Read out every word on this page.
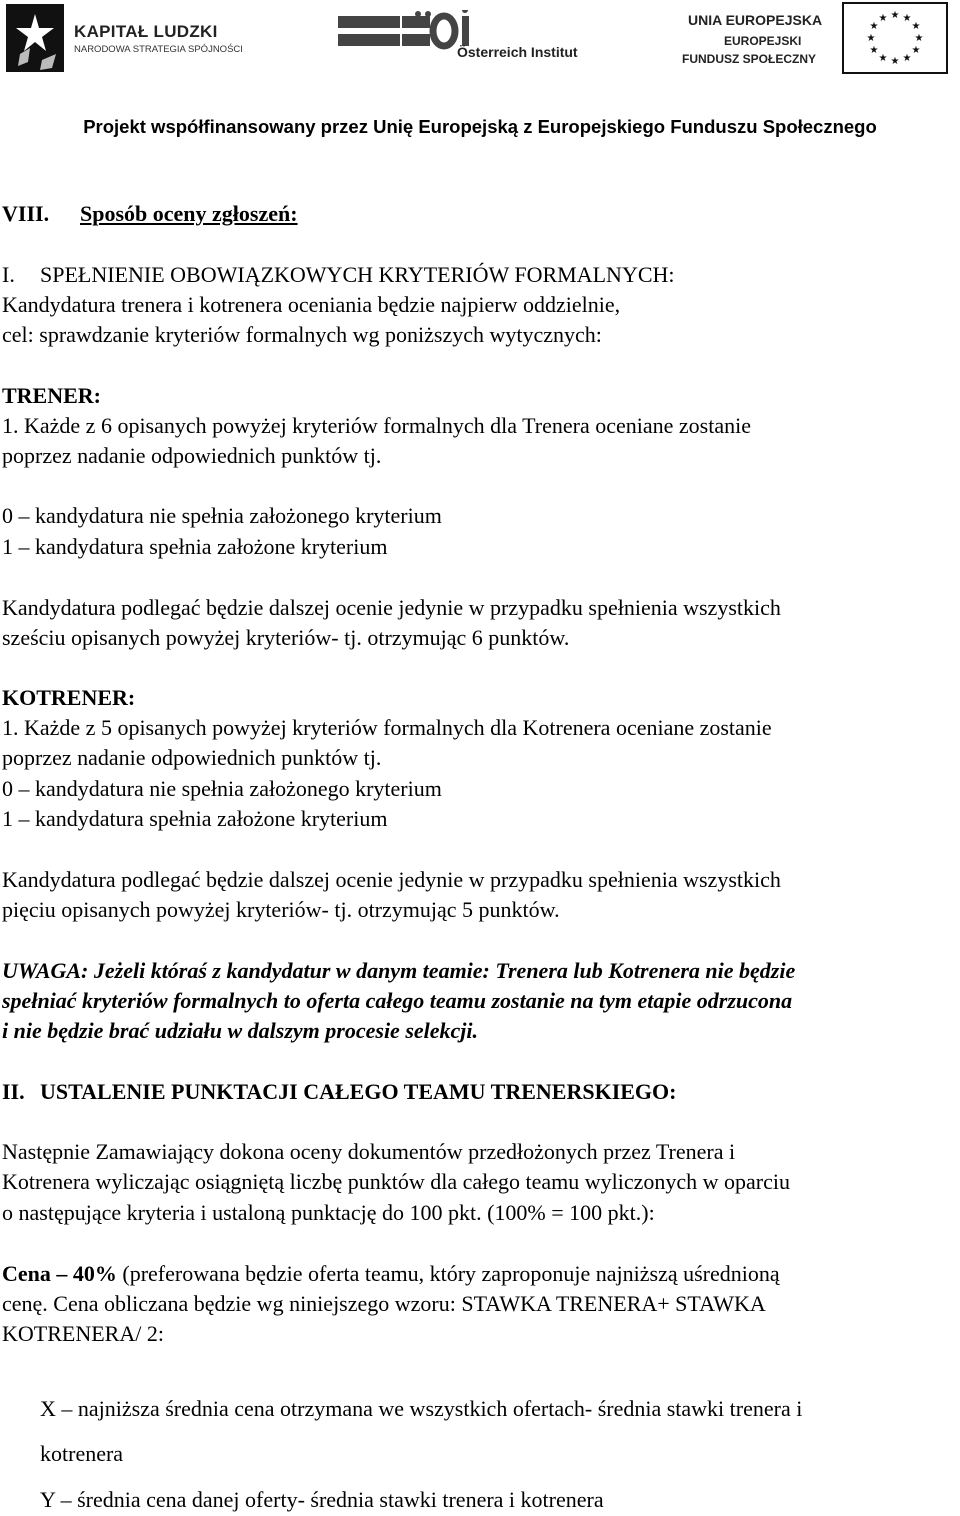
KAPITAŁ LUDZKI
NARODOWA STRATEGIA SPÓJNOŚCI	Österreich Institut
UNIA EUROPEJSKA
EUROPEJSKI
FUNDUSZ SPOŁECZNY
★ ★
★
★
★
★
★
★
★
★
★
★
Projekt współfinansowany przez Unię Europejską z Europejskiego Funduszu Społecznego
VIII. Sposób oceny zgłoszeń:
I. SPEŁNIENIE OBOWIĄZKOWYCH KRYTERIÓW FORMALNYCH:
Kandydatura trenera i kotrenera oceniania będzie najpierw oddzielnie,
cel: sprawdzanie kryteriów formalnych wg poniższych wytycznych:
TRENER:
1. Każde z 6 opisanych powyżej kryteriów formalnych dla Trenera oceniane zostanie
poprzez nadanie odpowiednich punktów tj.
0 – kandydatura nie spełnia założonego kryterium
1 – kandydatura spełnia założone kryterium
Kandydatura podlegać będzie dalszej ocenie jedynie w przypadku spełnienia wszystkich
sześciu opisanych powyżej kryteriów- tj. otrzymując 6 punktów.
KOTRENER:
1. Każde z 5 opisanych powyżej kryteriów formalnych dla Kotrenera oceniane zostanie
poprzez nadanie odpowiednich punktów tj.
0 – kandydatura nie spełnia założonego kryterium
1 – kandydatura spełnia założone kryterium
Kandydatura podlegać będzie dalszej ocenie jedynie w przypadku spełnienia wszystkich
pięciu opisanych powyżej kryteriów- tj. otrzymując 5 punktów.
UWAGA: Jeżeli któraś z kandydatur w danym teamie: Trenera lub Kotrenera nie będzie
spełniać kryteriów formalnych to oferta całego teamu zostanie na tym etapie odrzucona
i nie będzie brać udziału w dalszym procesie selekcji.
II. USTALENIE PUNKTACJI CAŁEGO TEAMU TRENERSKIEGO:
Następnie Zamawiający dokona oceny dokumentów przedłożonych przez Trenera i
Kotrenera wyliczając osiągniętą liczbę punktów dla całego teamu wyliczonych w oparciu
o następujące kryteria i ustaloną punktację do 100 pkt. (100% = 100 pkt.):
Cena – 40% (preferowana będzie oferta teamu, który zaproponuje najniższą uśrednioną
cenę. Cena obliczana będzie wg niniejszego wzoru: STAWKA TRENERA+ STAWKA
KOTRENERA/ 2:
X – najniższa średnia cena otrzymana we wszystkich ofertach- średnia stawki trenera i
kotrenera
Y – średnia cena danej oferty- średnia stawki trenera i kotrenera
